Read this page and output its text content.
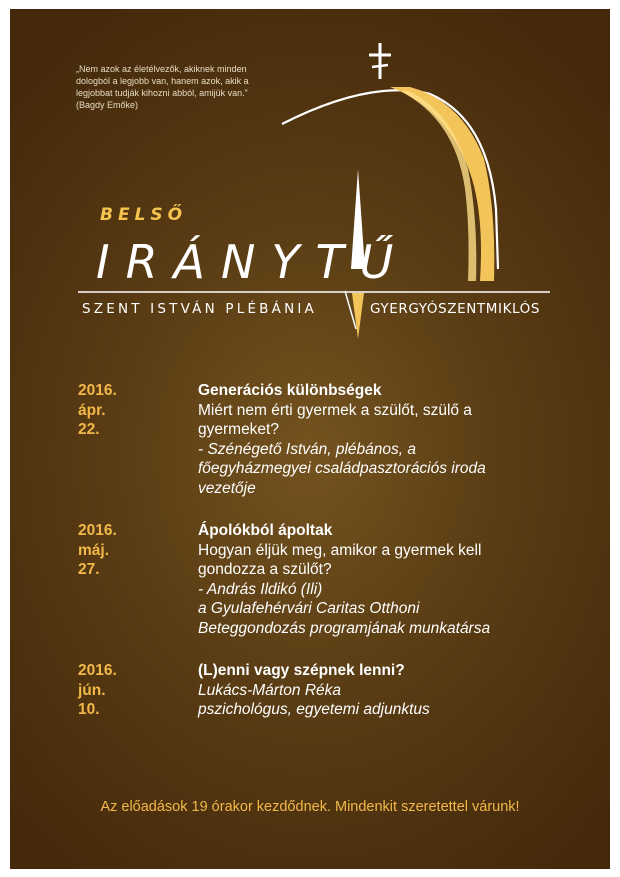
„Nem azok az életélvezők, akiknek minden
dologból a legjobb van, hanem azok, akik a
legjobbat tudják kihozni abból, amijük van.”
(Bagdy Emőke)
BELSŐ
IRÁNYTŰ
SZENT ISTVÁN PLÉBÁNIA	GYERGYÓSZENTMIKLÓS
2016. ápr. 22.
Generációs különbségek
Miért nem érti gyermek a szülőt, szülő a
gyermeket?
- Szénégető István, plébános, a
főegyházmegyei családpasztorációs iroda
vezetője
2016. máj. 27.
Ápolókból ápoltak
Hogyan éljük meg, amikor a gyermek kell
gondozza a szülőt?
- András Ildikó (Ili)
a Gyulafehérvári Caritas Otthoni
Beteggondozás programjának munkatársa
2016. jún. 10.
(L)enni vagy szépnek lenni?
Lukács-Márton Réka
pszichológus, egyetemi adjunktus
Az előadások 19 órakor kezdődnek. Mindenkit szeretettel várunk!
